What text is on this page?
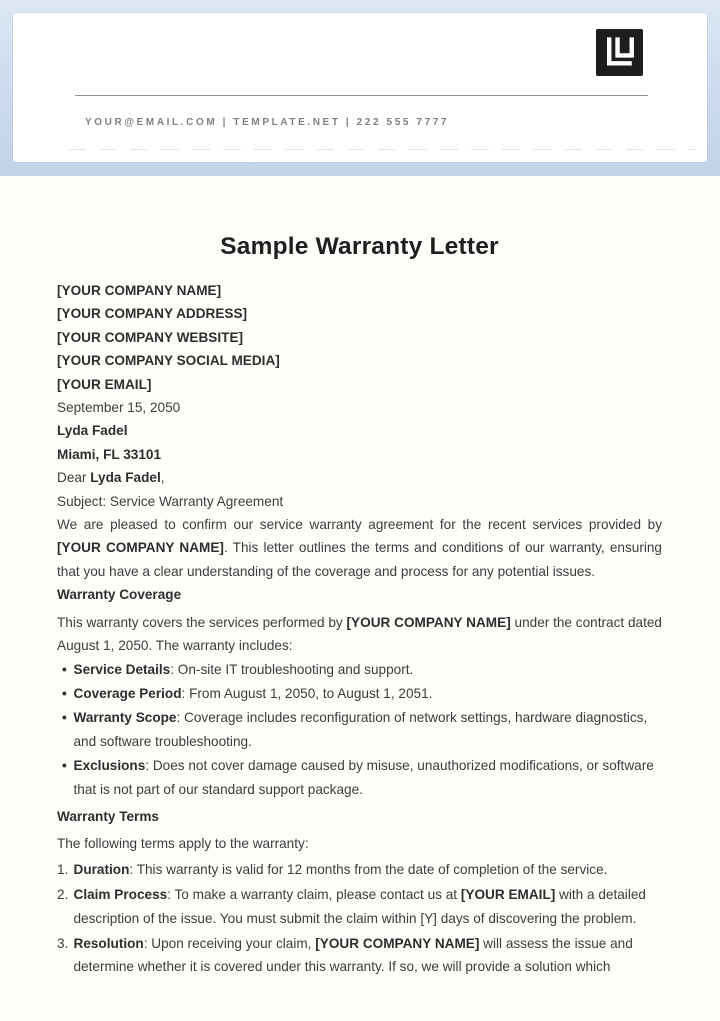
YOUR@EMAIL.COM | TEMPLATE.NET | 222 555 7777
Sample Warranty Letter

[YOUR COMPANY NAME]

[YOUR COMPANY ADDRESS]

[YOUR COMPANY WEBSITE]

[YOUR COMPANY SOCIAL MEDIA]

[YOUR EMAIL]

September 15, 2050

Lyda Fadel

Miami, FL 33101

Dear Lyda Fadel,

Subject: Service Warranty Agreement

We are pleased to confirm our service warranty agreement for the recent services provided by [YOUR COMPANY NAME]. This letter outlines the terms and conditions of our warranty, ensuring that you have a clear understanding of the coverage and process for any potential issues.

Warranty Coverage

This warranty covers the services performed by [YOUR COMPANY NAME] under the contract dated August 1, 2050. The warranty includes:

• Service Details: On-site IT troubleshooting and support.
• Coverage Period: From August 1, 2050, to August 1, 2051.
• Warranty Scope: Coverage includes reconfiguration of network settings, hardware diagnostics, and software troubleshooting.
• Exclusions: Does not cover damage caused by misuse, unauthorized modifications, or software that is not part of our standard support package.

Warranty Terms

The following terms apply to the warranty:

Duration: This warranty is valid for 12 months from the date of completion of the service.
Claim Process: To make a warranty claim, please contact us at [YOUR EMAIL] with a detailed description of the issue. You must submit the claim within [Y] days of discovering the problem.
Resolution: Upon receiving your claim, [YOUR COMPANY NAME] will assess the issue and determine whether it is covered under this warranty. If so, we will provide a solution which
